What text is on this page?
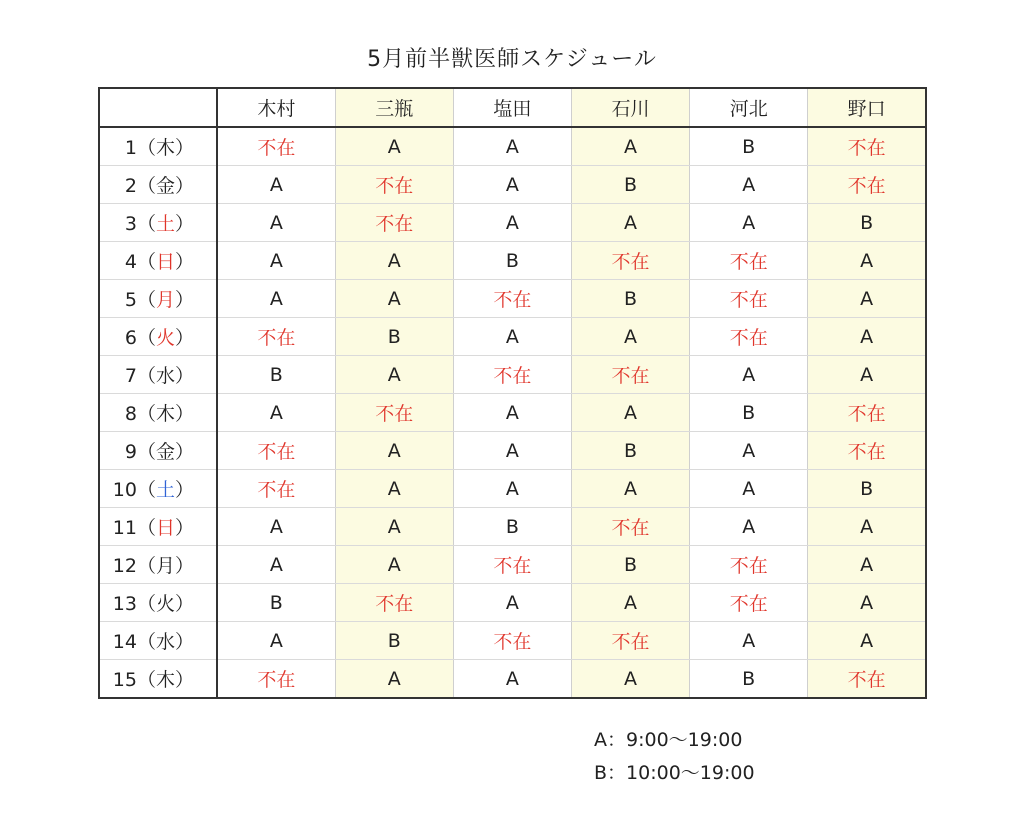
5月前半獣医師スケジュール
	木村	三瓶	塩田	石川	河北	野口
1（木）	不在	A	A	A	B	不在
2（金）	A	不在	A	B	A	不在
3（土）	A	不在	A	A	A	B
4（日）	A	A	B	不在	不在	A
5（月）	A	A	不在	B	不在	A
6（火）	不在	B	A	A	不在	A
7（水）	B	A	不在	不在	A	A
8（木）	A	不在	A	A	B	不在
9（金）	不在	A	A	B	A	不在
10（土）	不在	A	A	A	A	B
11（日）	A	A	B	不在	A	A
12（月）	A	A	不在	B	不在	A
13（火）	B	不在	A	A	不在	A
14（水）	A	B	不在	不在	A	A
15（木）	不在	A	A	A	B	不在
A：9:00〜19:00
B：10:00〜19:00
